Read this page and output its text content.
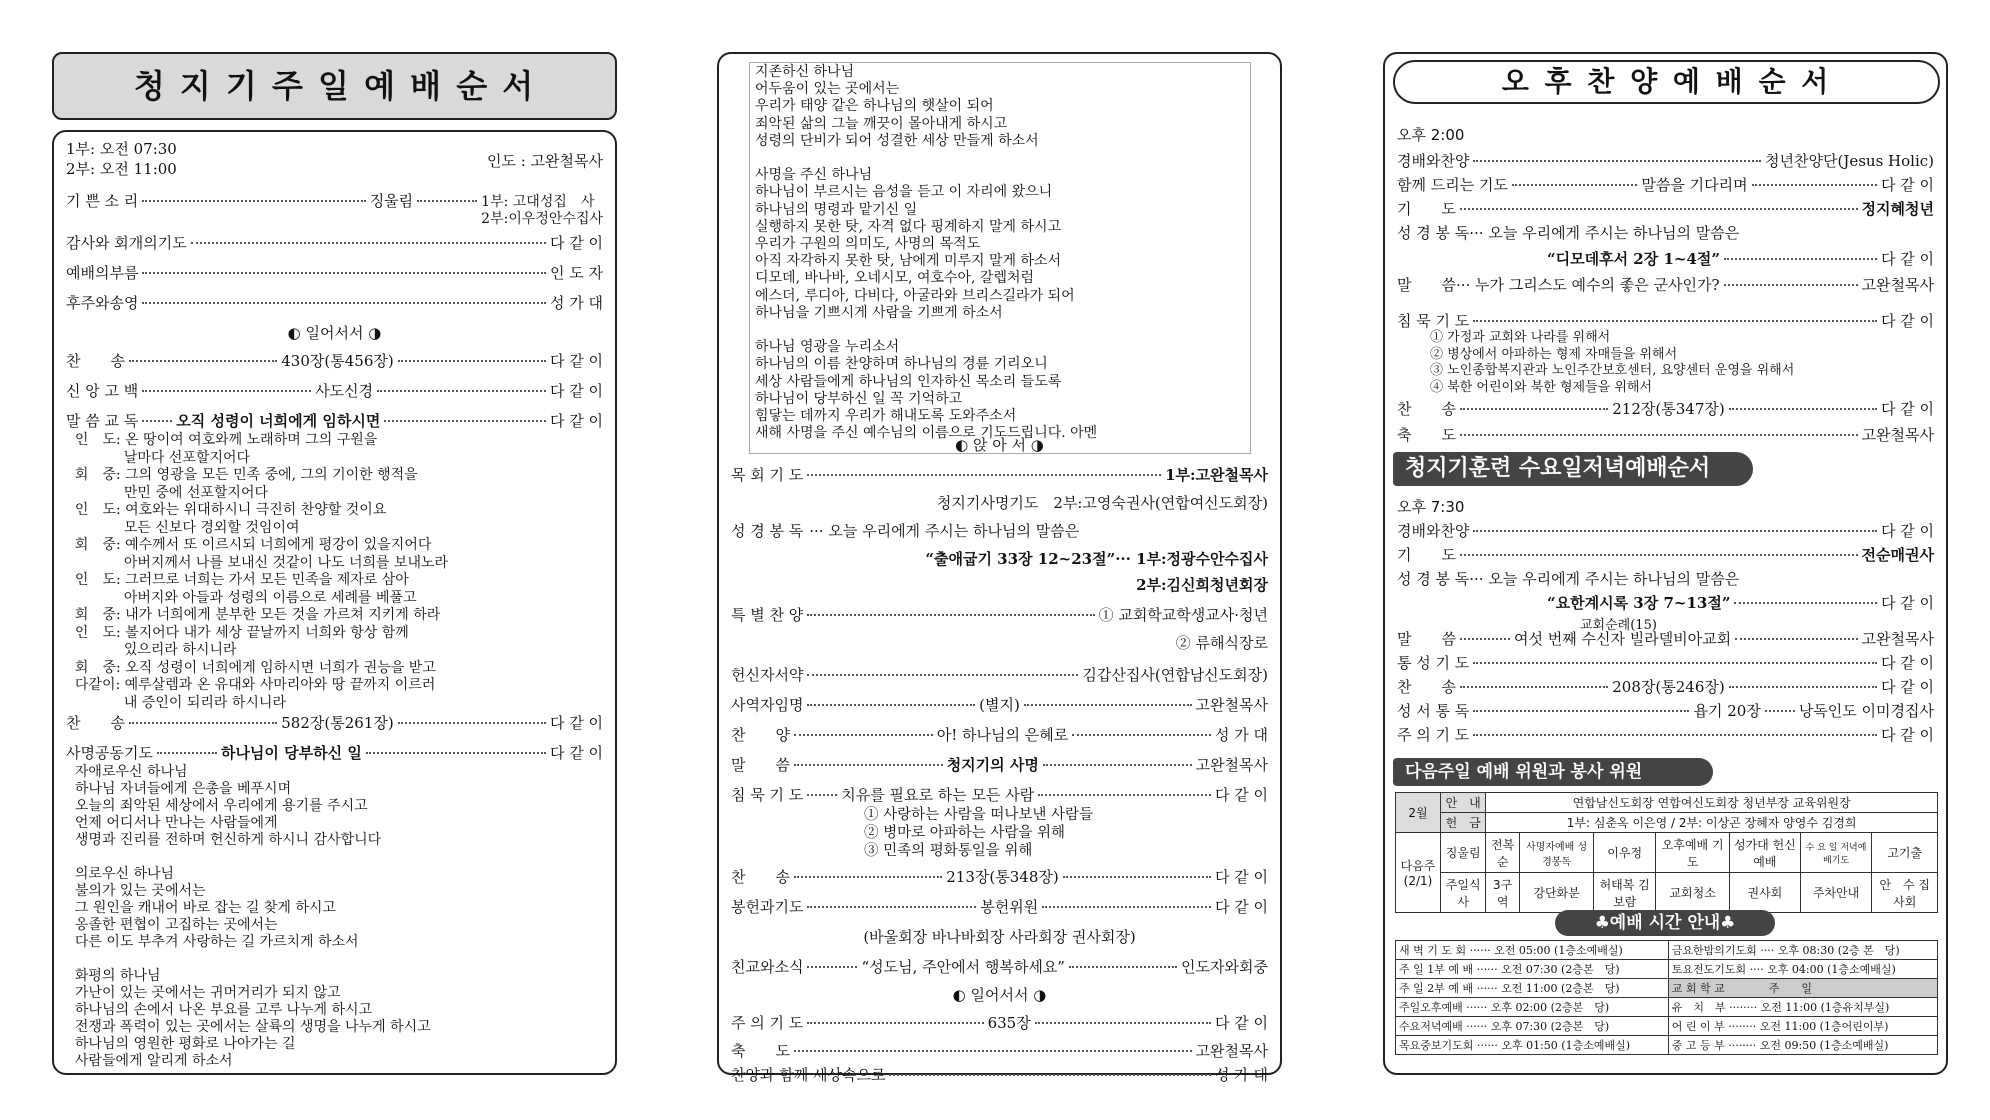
청 지 기 주 일 예 배 순 서
1부: 오전 07:30
2부: 오전 11:00	인도 : 고완철목사
기 쁜 소 리	징울림	1부: 고대성집　사
2부:이우정안수집사
감사와 회개의기도	다 같 이
예배의부름	인 도 자
후주와송영	성 가 대
◐ 일어서서 ◑
찬　　송	430장(통456장)	다 같 이
신 앙 고 백	사도신경	다 같 이
말 씀 교 독	오직 성령이 너희에게 임하시면	다 같 이
인　도: 온 땅이여 여호와께 노래하며 그의 구원을
날마다 선포할지어다
회　중: 그의 영광을 모든 민족 중에, 그의 기이한 행적을
만민 중에 선포할지어다
인　도: 여호와는 위대하시니 극진히 찬양할 것이요
모든 신보다 경외할 것임이여
회　중: 예수께서 또 이르시되 너희에게 평강이 있을지어다
아버지께서 나를 보내신 것같이 나도 너희를 보내노라
인　도: 그러므로 너희는 가서 모든 민족을 제자로 삼아
아버지와 아들과 성령의 이름으로 세례를 베풀고
회　중: 내가 너희에게 분부한 모든 것을 가르쳐 지키게 하라
인　도: 볼지어다 내가 세상 끝날까지 너희와 항상 함께
있으리라 하시니라
회　중: 오직 성령이 너희에게 임하시면 너희가 권능을 받고
다같이: 예루살렘과 온 유대와 사마리아와 땅 끝까지 이르러
내 증인이 되리라 하시니라
찬　　송	582장(통261장)	다 같 이
사명공동기도	하나님이 당부하신 일	다 같 이
자애로우신 하나님
하나님 자녀들에게 은총을 베푸시며
오늘의 죄악된 세상에서 우리에게 용기를 주시고
언제 어디서나 만나는 사람들에게
생명과 진리를 전하며 헌신하게 하시니 감사합니다

의로우신 하나님
불의가 있는 곳에서는
그 원인을 캐내어 바로 잡는 길 찾게 하시고
옹졸한 편협이 고집하는 곳에서는
다른 이도 부추겨 사랑하는 길 가르치게 하소서

화평의 하나님
가난이 있는 곳에서는 귀머거리가 되지 않고
하나님의 손에서 나온 부요를 고루 나누게 하시고
전쟁과 폭력이 있는 곳에서는 살륙의 생명을 나누게 하시고
하나님의 영원한 평화로 나아가는 길
사람들에게 알리게 하소서
지존하신 하나님
어두움이 있는 곳에서는
우리가 태양 같은 하나님의 햇살이 되어
죄악된 삶의 그늘 깨끗이 몰아내게 하시고
성령의 단비가 되어 성결한 세상 만들게 하소서

사명을 주신 하나님
하나님이 부르시는 음성을 듣고 이 자리에 왔으니
하나님의 명령과 맡기신 일
실행하지 못한 탓, 자격 없다 핑계하지 말게 하시고
우리가 구원의 의미도, 사명의 목적도
아직 자각하지 못한 탓, 남에게 미루지 말게 하소서
디모데, 바나바, 오네시모, 여호수아, 갈렙처럼
에스더, 루디아, 다비다, 아굴라와 브리스길라가 되어
하나님을 기쁘시게 사람을 기쁘게 하소서

하나님 영광을 누리소서
하나님의 이름 찬양하며 하나님의 경륜 기리오니
세상 사람들에게 하나님의 인자하신 목소리 들도록
하나님이 당부하신 일 꼭 기억하고
힘닿는 데까지 우리가 해내도록 도와주소서
새해 사명을 주신 예수님의 이름으로 기도드립니다. 아멘
◐ 앉 아 서 ◑
목 회 기 도	1부:고완철목사
청지기사명기도　2부:고영숙권사(연합여신도회장)
성 경 봉 독 ··· 오늘 우리에게 주시는 하나님의 말씀은
“출애굽기 33장 12~23절” ··· 1부:정광수안수집사
2부:김신희청년회장
특 별 찬 양	① 교회학교학생교사·청년
② 류해식장로
헌신자서약	김갑산집사(연합남신도회장)
사역자임명	(별지)	고완철목사
찬　　양	아! 하나님의 은혜로	성 가 대
말　　씀	청지기의 사명	고완철목사
침 묵 기 도	치유를 필요로 하는 모든 사람	다 같 이
① 사랑하는 사람을 떠나보낸 사람들
② 병마로 아파하는 사람을 위해
③ 민족의 평화통일을 위해
찬　　송	213장(통348장)	다 같 이
봉헌과기도	봉헌위원	다 같 이
(바울회장 바나바회장 사라회장 권사회장)
친교와소식	“성도님, 주안에서 행복하세요”	인도자와회중
◐ 일어서서 ◑
주 의 기 도	635장	다 같 이
축　　도	고완철목사
찬양과 함께 세상속으로	성 가 대
오 후 찬 양 예 배 순 서
오후 2:00
경배와찬양	청년찬양단(Jesus Holic)
함께 드리는 기도	말씀을 기다리며	다 같 이
기　　도	정지혜청년
성 경 봉 독 ··· 오늘 우리에게 주시는 하나님의 말씀은
“디모데후서 2장 1~4절”	다 같 이
말　　씀 ··· 누가 그리스도 예수의 좋은 군사인가?	고완철목사
침 묵 기 도	다 같 이
① 가정과 교회와 나라를 위해서
② 병상에서 아파하는 형제 자매들을 위해서
③ 노인종합복지관과 노인주간보호센터, 요양센터 운영을 위해서
④ 북한 어린이와 북한 형제들을 위해서
찬　　송	212장(통347장)	다 같 이
축　　도	고완철목사
청지기훈련 수요일저녁예배순서
오후 7:30
경배와찬양	다 같 이
기　　도	전순매권사
성 경 봉 독 ··· 오늘 우리에게 주시는 하나님의 말씀은
“요한계시록 3장 7~13절”	다 같 이
교회순례(15)
말　　씀	여섯 번째 수신자 빌라델비아교회	고완철목사
통 성 기 도	다 같 이
찬　　송	208장(통246장)	다 같 이
성 서 통 독	욥기 20장	낭독인도 이미경집사
주 의 기 도	다 같 이
다음주일 예배 위원과 봉사 위원
2월	안　내	연합남신도회장 연합여신도회장 청년부장 교육위원장						
	헌　금	1부: 심춘옥 이은영 / 2부: 이상곤 장혜자 양영수 김경희						
다음주
(2/1)	징울림	전복순	사명자예배 성경봉독	이우정	오후예배 기　도	성가대 헌신예배	수 요 일 저녁예배기도	고기출
	주일식사	3구역	강단화분	허태복 김보람	교회청소	권사회	주차안내	안　수 집사회
♣예배 시간 안내♣
새 벽 기 도 회 ······ 오전 05:00 (1층소예배실)	금요한밤의기도회 ···· 오후 08:30 (2층 본　당)
주 일 1부 예 배 ······ 오전 07:30 (2층본　당)	토요전도기도회 ···· 오후 04:00 (1층소예배실)
주 일 2부 예 배 ······ 오전 11:00 (2층본　당)	교 회 학 교　　　　주　　일
주일오후예배 ······ 오후 02:00 (2층본　당)	유　치　부 ········ 오전 11:00 (1층유치부실)
수요저녁예배 ······ 오후 07:30 (2층본　당)	어 린 이 부 ········ 오전 11:00 (1층어린이부)
목요중보기도회 ······ 오후 01:50 (1층소예배실)	중 고 등 부 ········ 오전 09:50 (1층소예배실)
